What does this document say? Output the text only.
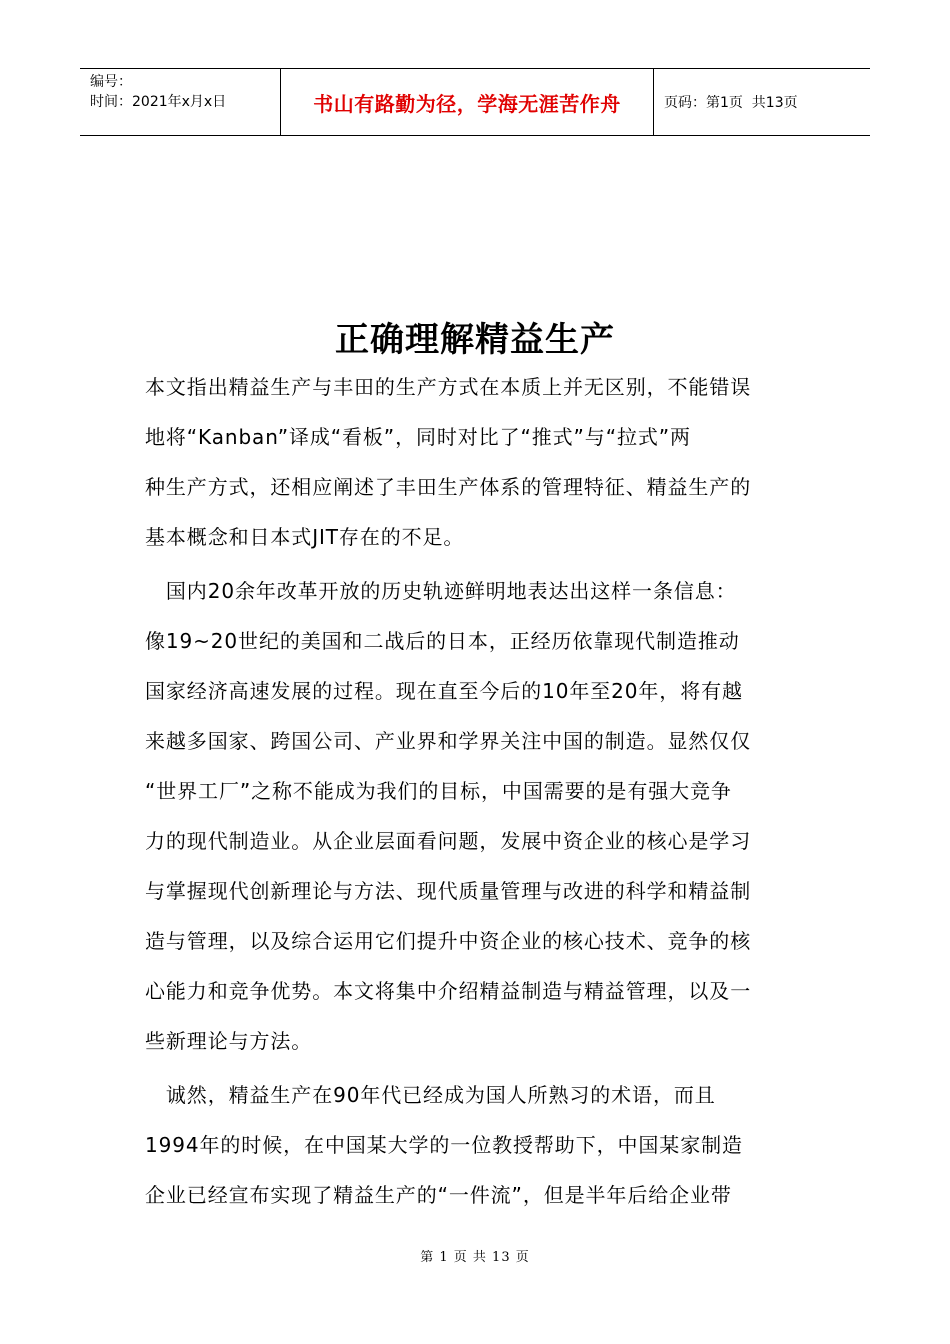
编号：
时间：2021年x月x日	书山有路勤为径，学海无涯苦作舟	页码：第1页  共13页
正确理解精益生产

本文指出精益生产与丰田的生产方式在本质上并无区别，不能错误
地将“Kanban”译成“看板”，同时对比了“推式”与“拉式”两
种生产方式，还相应阐述了丰田生产体系的管理特征、精益生产的
基本概念和日本式JIT存在的不足。

　国内20余年改革开放的历史轨迹鲜明地表达出这样一条信息：
像19~20世纪的美国和二战后的日本，正经历依靠现代制造推动
国家经济高速发展的过程。现在直至今后的10年至20年，将有越
来越多国家、跨国公司、产业界和学界关注中国的制造。显然仅仅
“世界工厂”之称不能成为我们的目标，中国需要的是有强大竞争
力的现代制造业。从企业层面看问题，发展中资企业的核心是学习
与掌握现代创新理论与方法、现代质量管理与改进的科学和精益制
造与管理，以及综合运用它们提升中资企业的核心技术、竞争的核
心能力和竞争优势。本文将集中介绍精益制造与精益管理，以及一
些新理论与方法。

　诚然，精益生产在90年代已经成为国人所熟习的术语，而且
1994年的时候，在中国某大学的一位教授帮助下，中国某家制造
企业已经宣布实现了精益生产的“一件流”，但是半年后给企业带

第 1 页 共 13 页
